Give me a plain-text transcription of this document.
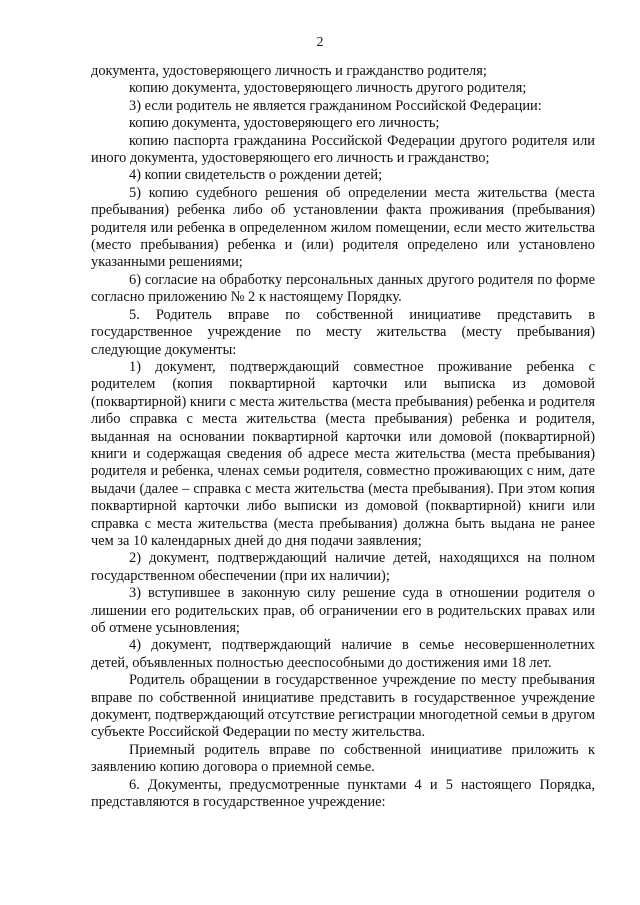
2

документа, удостоверяющего личность и гражданство родителя;

копию документа, удостоверяющего личность другого родителя;

3) если родитель не является гражданином Российской Федерации:

копию документа, удостоверяющего его личность;

копию паспорта гражданина Российской Федерации другого родителя или иного документа, удостоверяющего его личность и гражданство;

4) копии свидетельств о рождении детей;

5) копию судебного решения об определении места жительства (места пребывания) ребенка либо об установлении факта проживания (пребывания) родителя или ребенка в определенном жилом помещении, если место жительства (место пребывания) ребенка и (или) родителя определено или установлено указанными решениями;

6) согласие на обработку персональных данных другого родителя по форме согласно приложению № 2 к настоящему Порядку.

5. Родитель вправе по собственной инициативе представить в государственное учреждение по месту жительства (месту пребывания) следующие документы:

1) документ, подтверждающий совместное проживание ребенка с родителем (копия поквартирной карточки или выписка из домовой (поквартирной) книги с места жительства (места пребывания) ребенка и родителя либо справка с места жительства (места пребывания) ребенка и родителя, выданная на основании поквартирной карточки или домовой (поквартирной) книги и содержащая сведения об адресе места жительства (места пребывания) родителя и ребенка, членах семьи родителя, совместно проживающих с ним, дате выдачи (далее – справка с места жительства (места пребывания). При этом копия поквартирной карточки либо выписки из домовой (поквартирной) книги или справка с места жительства (места пребывания) должна быть выдана не ранее чем за 10 календарных дней до дня подачи заявления;

2) документ, подтверждающий наличие детей, находящихся на полном государственном обеспечении (при их наличии);

3) вступившее в законную силу решение суда в отношении родителя о лишении его родительских прав, об ограничении его в родительских правах или об отмене усыновления;

4) документ, подтверждающий наличие в семье несовершеннолетних детей, объявленных полностью дееспособными до достижения ими 18 лет.

Родитель обращении в государственное учреждение по месту пребывания вправе по собственной инициативе представить в государственное учреждение документ, подтверждающий отсутствие регистрации многодетной семьи в другом субъекте Российской Федерации по месту жительства.

Приемный родитель вправе по собственной инициативе приложить к заявлению копию договора о приемной семье.

6. Документы, предусмотренные пунктами 4 и 5 настоящего Порядка, представляются в государственное учреждение:
